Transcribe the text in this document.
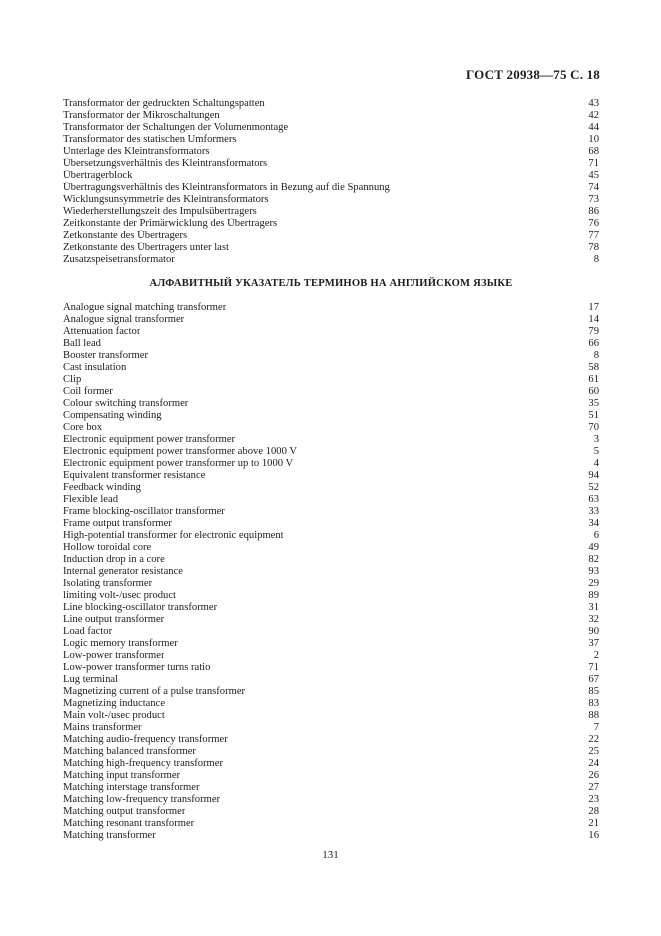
ГОСТ 20938—75 С. 18
Transformator der gedruckten Schaltungspatten	43
Transformator der Mikroschaltungen	42
Transformator der Schaltungen der Volumenmontage	44
Transformator des statischen Umformers	10
Unterlage des Kleintransformators	68
Übersetzungsverhältnis des Kleintransformators	71
Übertragerblock	45
Übertragungsverhältnis des Kleintransformators in Bezung auf die Spannung	74
Wicklungsunsymmetrie des Kleintransformators	73
Wiederherstellungszeit des Impulsübertragers	86
Zeitkonstante der Primärwicklung des Übertragers	76
Zetkonstante des Übertragers	77
Zetkonstante des Übertragers unter last	78
Zusatzspeisetransformator	8
АЛФАВИТНЫЙ УКАЗАТЕЛЬ ТЕРМИНОВ НА АНГЛИЙСКОМ ЯЗЫКЕ
Analogue signal matching transformer	17
Analogue signal transformer	14
Attenuation factor	79
Ball lead	66
Booster transformer	8
Cast insulation	58
Clip	61
Coil former	60
Colour switching transformer	35
Compensating winding	51
Core box	70
Electronic equipment power transformer	3
Electronic equipment power transformer above 1000 V	5
Electronic equipment power transformer up to 1000 V	4
Equivalent transformer resistance	94
Feedback winding	52
Flexible lead	63
Frame blocking-oscillator transformer	33
Frame output transformer	34
High-potential transformer for electronic equipment	6
Hollow toroidal core	49
Induction drop in a core	82
Internal generator resistance	93
Isolating transformer	29
limiting volt-/usec product	89
Line blocking-oscillator transformer	31
Line output transformer	32
Load factor	90
Logic memory transformer	37
Low-power transformer	2
Low-power transformer turns ratio	71
Lug terminal	67
Magnetizing current of a pulse transformer	85
Magnetizing inductance	83
Main volt-/usec product	88
Mains transformer	7
Matching audio-frequency transformer	22
Matching balanced transformer	25
Matching high-frequency transformer	24
Matching input transformer	26
Matching interstage transformer	27
Matching low-frequency transformer	23
Matching output transformer	28
Matching resonant transformer	21
Matching transformer	16
131
